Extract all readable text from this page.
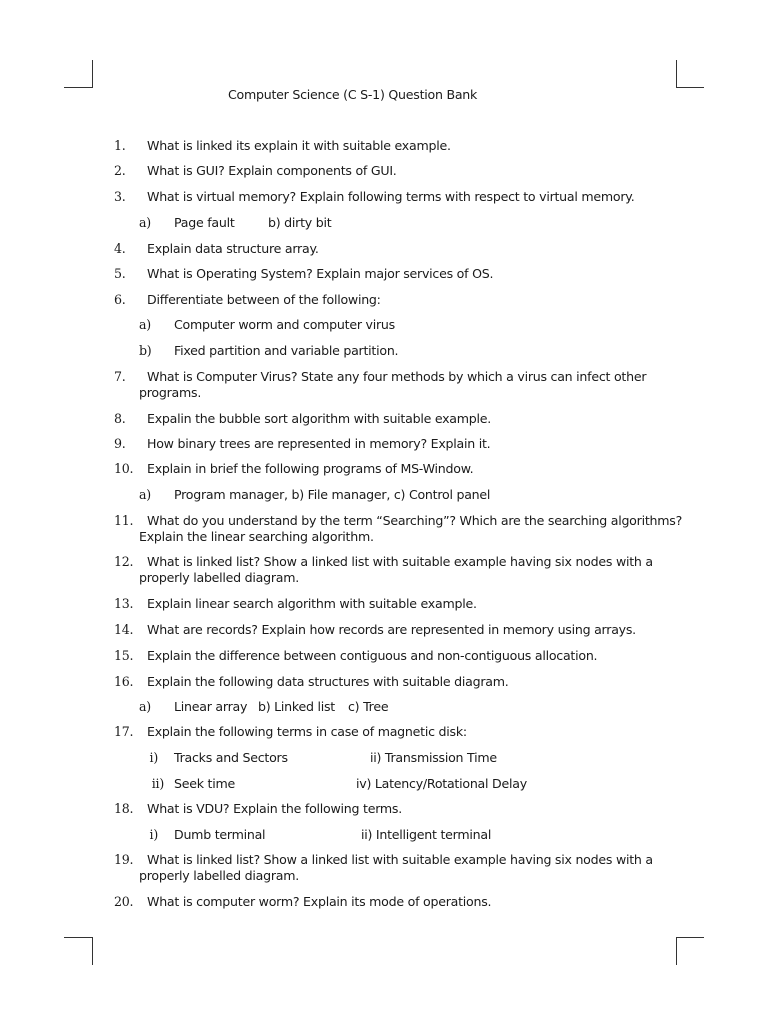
Computer Science (C S-1) Question Bank
1.	What is linked its explain it with suitable example.
2.	What is GUI? Explain components of GUI.
3.	What is virtual memory? Explain following terms with respect to virtual memory.
a) Page fault	b) dirty bit
4.	Explain data structure array.
5.	What is Operating System? Explain major services of OS.
6.	Differentiate between of the following:
a) Computer worm and computer virus
b) Fixed partition and variable partition.
7.	What is Computer Virus? State any four methods by which a virus can infect other
programs.
8.	Expalin the bubble sort algorithm with suitable example.
9.	How binary trees are represented in memory? Explain it.
10.	Explain in brief the following programs of MS-Window.
a) Program manager, b) File manager, c) Control panel
11.	What do you understand by the term “Searching”? Which are the searching algorithms?
Explain the linear searching algorithm.
12.	What is linked list? Show a linked list with suitable example having six nodes with a
properly labelled diagram.
13.	Explain linear search algorithm with suitable example.
14.	What are records? Explain how records are represented in memory using arrays.
15.	Explain the difference between contiguous and non-contiguous allocation.
16.	Explain the following data structures with suitable diagram.
a) Linear array b) Linked list c) Tree
17.	Explain the following terms in case of magnetic disk:
i) Tracks and Sectors	ii) Transmission Time
ii) Seek time	iv) Latency/Rotational Delay
18.	What is VDU? Explain the following terms.
i) Dumb terminal	ii) Intelligent terminal
19.	What is linked list? Show a linked list with suitable example having six nodes with a
properly labelled diagram.
20.	What is computer worm? Explain its mode of operations.
